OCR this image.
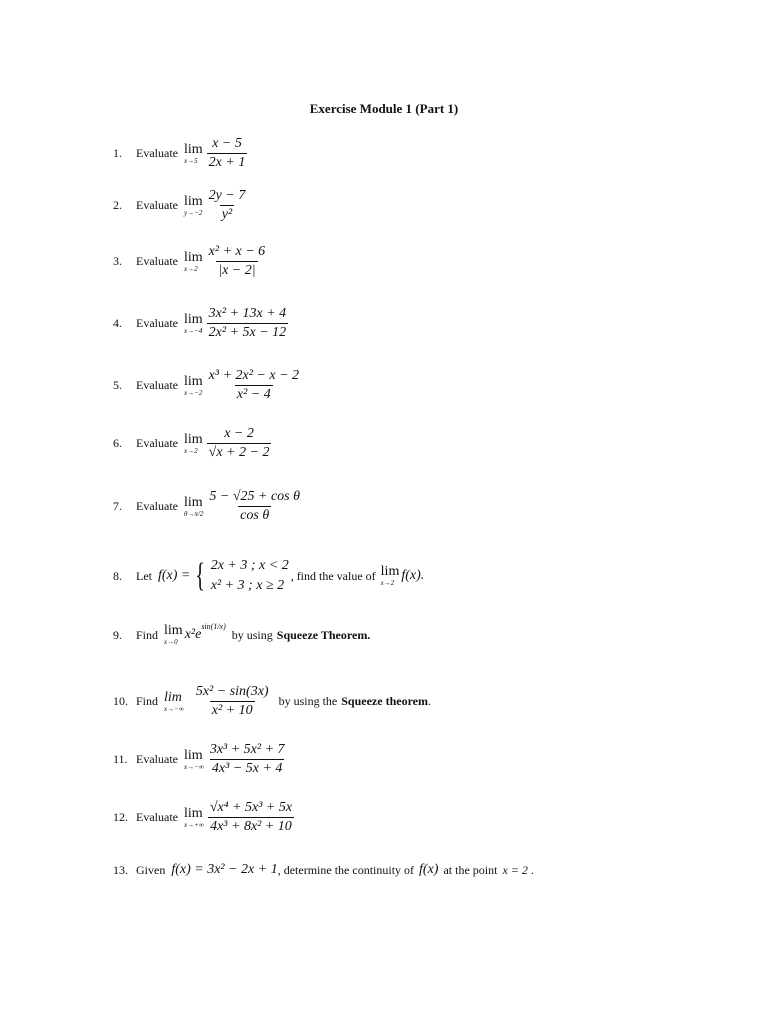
Exercise Module 1 (Part 1)
1.	Evaluate lim
$x\to 5 \frac{x - 5}{2x + 1}$
2.	Evaluate lim
$y\to-2 \frac{2y - 7}{\text{y²}}$
3.	Evaluate lim
$x\to 2 \frac{\text{x² + x − 6}}{|x - 2|}$
4.	Evaluate lim
$x\to-4 \frac{\text{3x² + 13x + 4}}{\text{2x² + 5x − 12}}$
5.	Evaluate lim
$x\to-2 \frac{\text{x³ + 2x² − x − 2}}{\text{x² − 4}}$
6.	Evaluate lim
$x\to 2 \frac{x - 2}{√x + 2 - 2}$
7.	Evaluate lim
$\theta\to\pi/2 \frac{\text{5 − √25 + cos θ}}{\text{cos θ}}$
8.	Let f(x) = { 2x + 3 ; x < 2
x² + 3 ; x ≥ 2
, find the value of lim
x→2 f(x).
9.	Find lim
x→0 x²e
sin(1/x)
by using Squeeze Theorem.
10. Find lim
$x\to-\infty \frac{\text{5x² − sin(3x)}}{\text{x² + 10}}$ by using the Squeeze theorem .
11. Evaluate lim
$x\to-\infty \frac{\text{3x³ + 5x² + 7}}{\text{4x³ − 5x + 4}}$
12. Evaluate lim
$x\to+\infty \frac{\text{√x⁴ + 5x³ + 5x}}{\text{4x³ + 8x² + 10}}$
13. Given f(x) = 3x² − 2x + 1 , determine the continuity of f(x) at the point x = 2 .
